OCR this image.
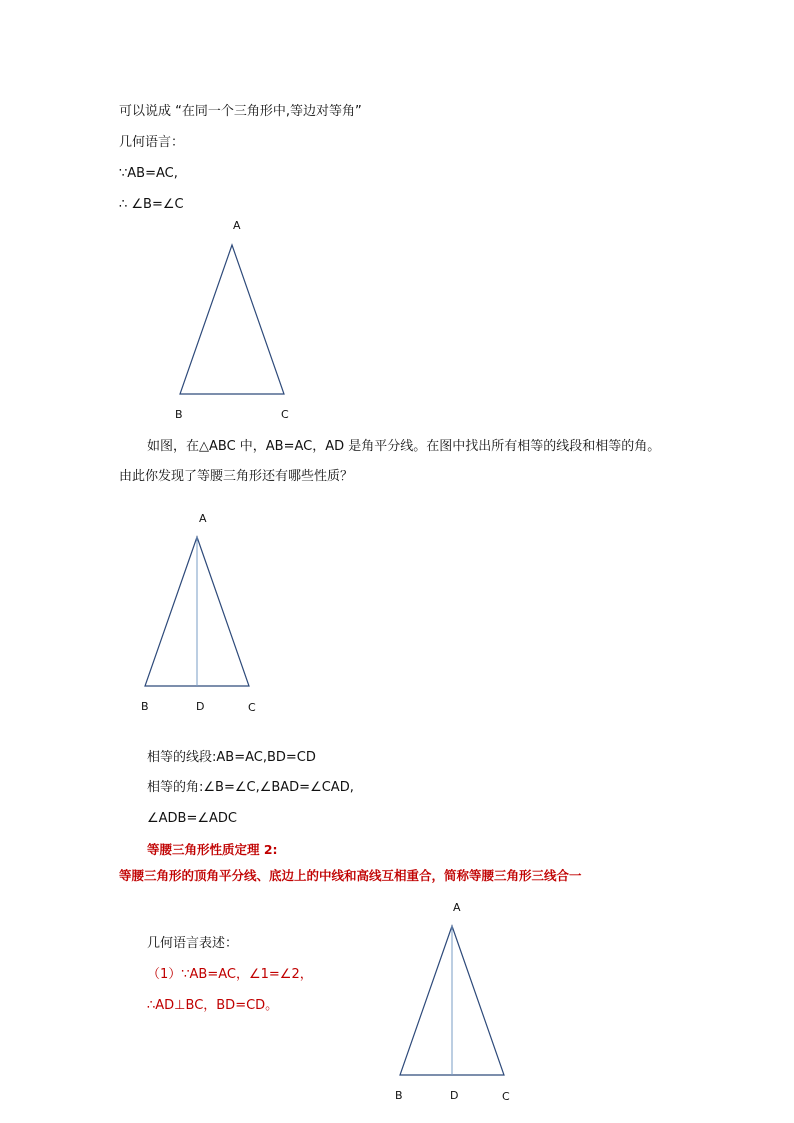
可以说成 “在同一个三角形中,等边对等角”
几何语言：
∵AB=AC,
∴ ∠B=∠C
A
B	C
如图，在△ABC 中，AB=AC，AD 是角平分线。在图中找出所有相等的线段和相等的角。
由此你发现了等腰三角形还有哪些性质？
A
B	D	C
相等的线段:AB=AC,BD=CD
相等的角:∠B=∠C,∠BAD=∠CAD,
∠ADB=∠ADC
等腰三角形性质定理 2:
等腰三角形的顶角平分线、底边上的中线和高线互相重合，简称等腰三角形三线合一
几何语言表述：
（1）∵AB=AC，∠1=∠2，
∴AD⊥BC，BD=CD。
A
B	D	C
